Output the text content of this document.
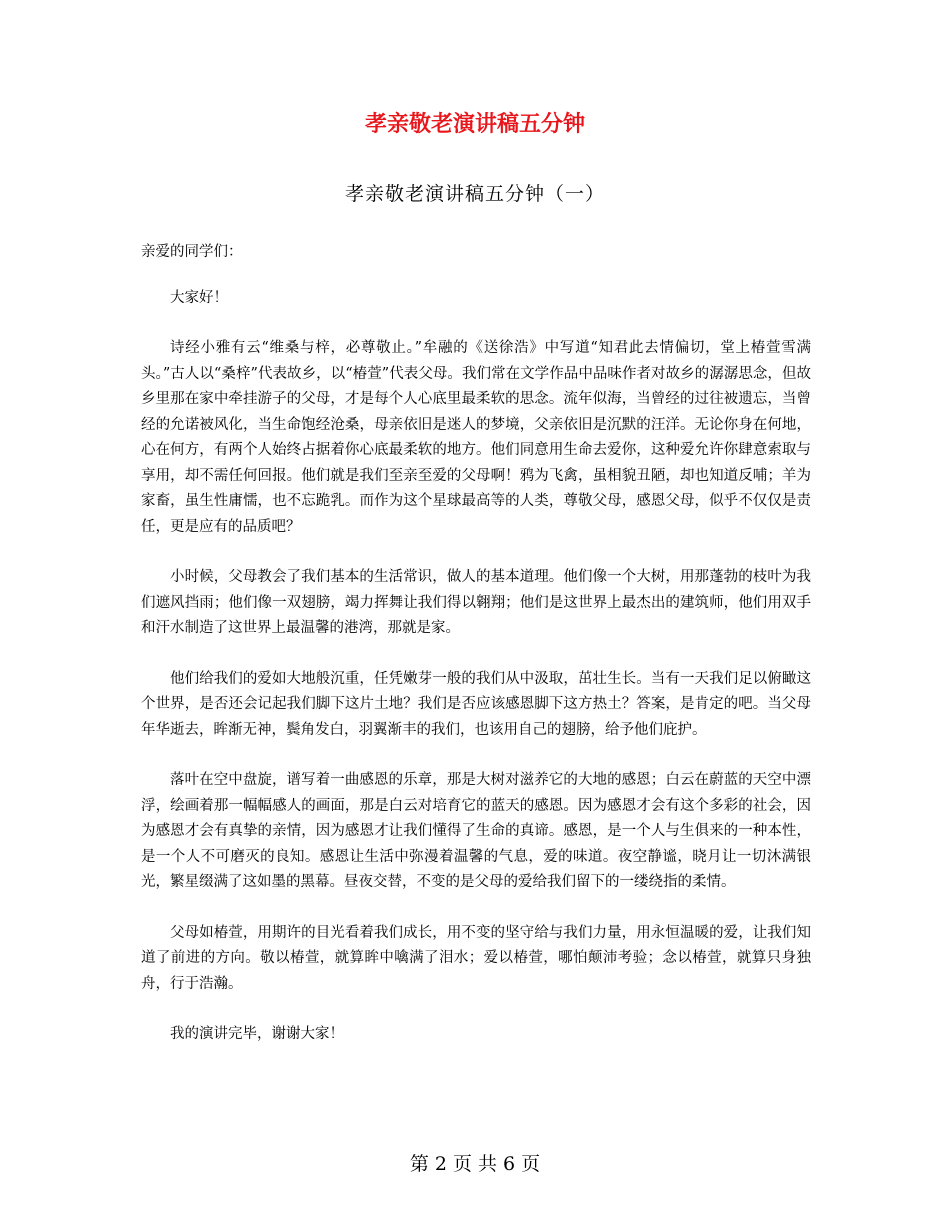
孝亲敬老演讲稿五分钟
孝亲敬老演讲稿五分钟（一）

亲爱的同学们：

大家好！

诗经小雅有云“维桑与梓，必尊敬止。”牟融的《送徐浩》中写道“知君此去情偏切，堂上椿萱雪满头。”古人以“桑梓”代表故乡，以“椿萱”代表父母。我们常在文学作品中品味作者对故乡的潺潺思念，但故乡里那在家中牵挂游子的父母，才是每个人心底里最柔软的思念。流年似海，当曾经的过往被遗忘，当曾经的允诺被风化，当生命饱经沧桑，母亲依旧是迷人的梦境，父亲依旧是沉默的汪洋。无论你身在何地，心在何方，有两个人始终占据着你心底最柔软的地方。他们同意用生命去爱你，这种爱允许你肆意索取与享用，却不需任何回报。他们就是我们至亲至爱的父母啊！鸦为飞禽，虽相貌丑陋，却也知道反哺；羊为家畜，虽生性庸懦，也不忘跪乳。而作为这个星球最高等的人类，尊敬父母，感恩父母，似乎不仅仅是责任，更是应有的品质吧？

小时候，父母教会了我们基本的生活常识，做人的基本道理。他们像一个大树，用那蓬勃的枝叶为我们遮风挡雨；他们像一双翅膀，竭力挥舞让我们得以翱翔；他们是这世界上最杰出的建筑师，他们用双手和汗水制造了这世界上最温馨的港湾，那就是家。

他们给我们的爱如大地般沉重，任凭嫩芽一般的我们从中汲取，茁壮生长。当有一天我们足以俯瞰这个世界，是否还会记起我们脚下这片土地？我们是否应该感恩脚下这方热土？答案，是肯定的吧。当父母年华逝去，眸渐无神，鬓角发白，羽翼渐丰的我们，也该用自己的翅膀，给予他们庇护。

落叶在空中盘旋，谱写着一曲感恩的乐章，那是大树对滋养它的大地的感恩；白云在蔚蓝的天空中漂浮，绘画着那一幅幅感人的画面，那是白云对培育它的蓝天的感恩。因为感恩才会有这个多彩的社会，因为感恩才会有真挚的亲情，因为感恩才让我们懂得了生命的真谛。感恩，是一个人与生俱来的一种本性，是一个人不可磨灭的良知。感恩让生活中弥漫着温馨的气息，爱的味道。夜空静谧，晓月让一切沐满银光，繁星缀满了这如墨的黑幕。昼夜交替，不变的是父母的爱给我们留下的一缕绕指的柔情。

父母如椿萱，用期许的目光看着我们成长，用不变的坚守给与我们力量，用永恒温暖的爱，让我们知道了前进的方向。敬以椿萱，就算眸中噙满了泪水；爱以椿萱，哪怕颠沛考验；念以椿萱，就算只身独舟，行于浩瀚。

我的演讲完毕，谢谢大家！

第 2 页 共 6 页
